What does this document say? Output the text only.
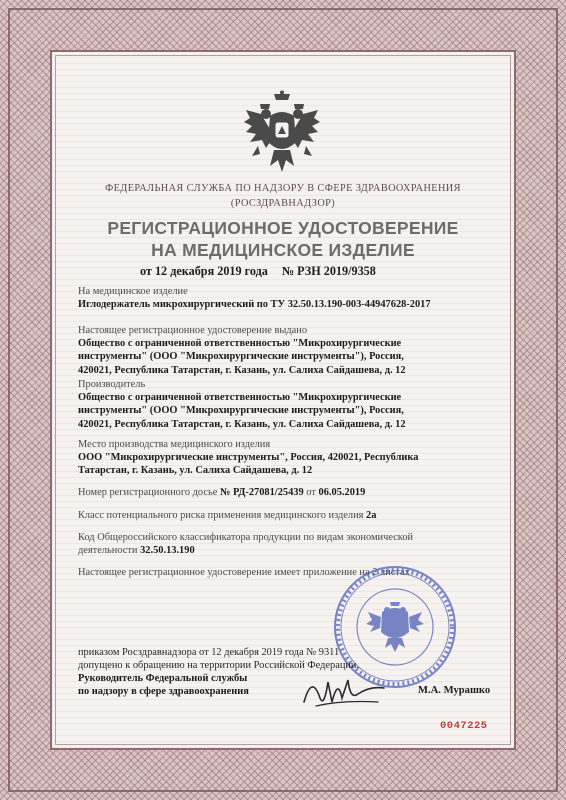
ФЕДЕРАЛЬНАЯ СЛУЖБА ПО НАДЗОРУ В СФЕРЕ ЗДРАВООХРАНЕНИЯ
(РОСЗДРАВНАДЗОР)
РЕГИСТРАЦИОННОЕ УДОСТОВЕРЕНИЕ
НА МЕДИЦИНСКОЕ ИЗДЕЛИЕ
от 12 декабря 2019 года № РЗН 2019/9358
На медицинское изделие
Иглодержатель микрохирургический по ТУ 32.50.13.190-003-44947628-2017
Настоящее регистрационное удостоверение выдано
Общество с ограниченной ответственностью "Микрохирургические
инструменты" (ООО "Микрохирургические инструменты"), Россия,
420021, Республика Татарстан, г. Казань, ул. Салиха Сайдашева, д. 12
Производитель
Общество с ограниченной ответственностью "Микрохирургические
инструменты" (ООО "Микрохирургические инструменты"), Россия,
420021, Республика Татарстан, г. Казань, ул. Салиха Сайдашева, д. 12
Место производства медицинского изделия
ООО "Микрохирургические инструменты", Россия, 420021, Республика
Татарстан, г. Казань, ул. Салиха Сайдашева, д. 12
Номер регистрационного досье № РД-27081/25439 от 06.05.2019
Класс потенциального риска применения медицинского изделия 2а
Код Общероссийского классификатора продукции по видам экономической
деятельности 32.50.13.190
Настоящее регистрационное удостоверение имеет приложение на 2 листах
приказом Росздравнадзора от 12 декабря 2019 года № 9311
допущено к обращению на территории Российской Федерации.
Руководитель Федеральной службы
по надзору в сфере здравоохранения	М.А. Мурашко
0047225
